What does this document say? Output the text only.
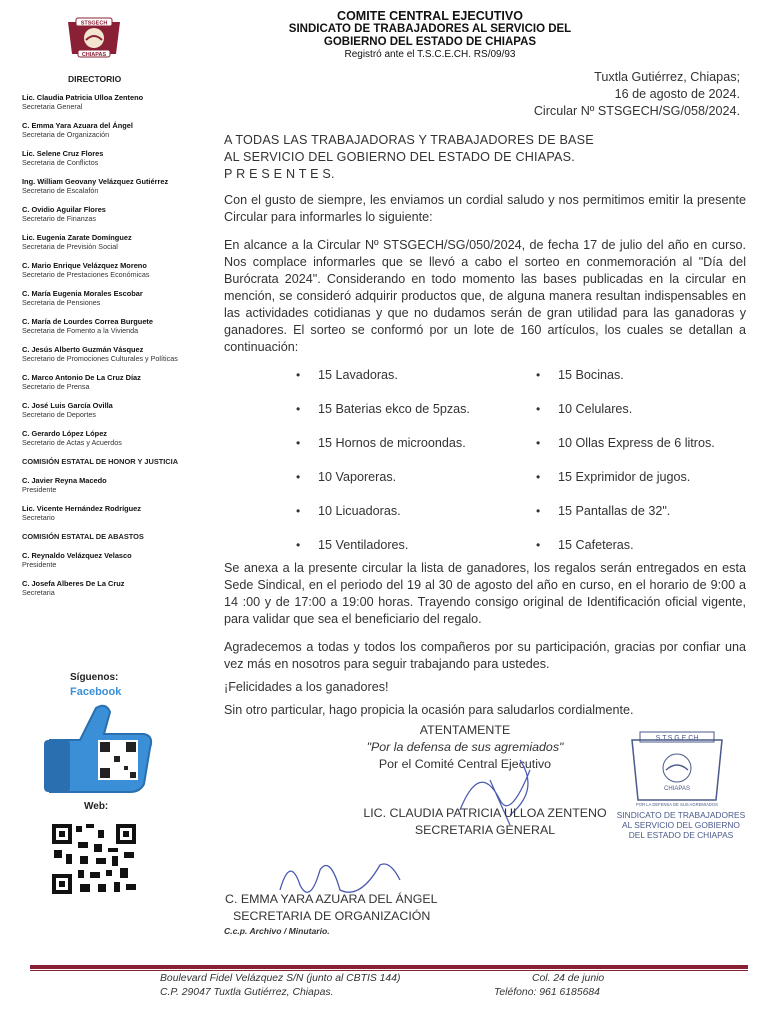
STSGECH
CHIAPAS
COMITE CENTRAL EJECUTIVO
SINDICATO DE TRABAJADORES AL SERVICIO DEL
GOBIERNO DEL ESTADO DE CHIAPAS
Registró ante el T.S.C.E.CH. RS/09/93
DIRECTORIO
Lic. Claudia Patricia Ulloa Zenteno
Secretaria General
C. Emma Yara Azuara del Ángel
Secretaria de Organización
Lic. Selene Cruz Flores
Secretaria de Conflictos
Ing. William Geovany Velázquez Gutiérrez
Secretario de Escalafón
C. Ovidio Aguilar Flores
Secretario de Finanzas
Lic. Eugenia Zarate Domínguez
Secretaria de Previsión Social
C. Mario Enrique Velázquez Moreno
Secretario de Prestaciones Económicas
C. María Eugenia Morales Escobar
Secretaria de Pensiones
C. María de Lourdes Correa Burguete
Secretaria de Fomento a la Vivienda
C. Jesús Alberto Guzmán Vásquez
Secretario de Promociones Culturales y Políticas
C. Marco Antonio De La Cruz Díaz
Secretario de Prensa
C. José Luis García Ovilla
Secretario de Deportes
C. Gerardo López López
Secretario de Actas y Acuerdos
COMISIÓN ESTATAL DE HONOR Y JUSTICIA
C. Javier Reyna Macedo
Presidente
Lic. Vicente Hernández Rodríguez
Secretario
COMISIÓN ESTATAL DE ABASTOS
C. Reynaldo Velázquez Velasco
Presidente
C. Josefa Alberes De La Cruz
Secretaria
Síguenos:
Facebook
Web:
Tuxtla Gutiérrez, Chiapas;
16 de agosto de 2024.
Circular Nº STSGECH/SG/058/2024.

A TODAS LAS TRABAJADORAS Y TRABAJADORES DE BASE

AL SERVICIO DEL GOBIERNO DEL ESTADO DE CHIAPAS.

P R E S E N T E S.

Con el gusto de siempre, les enviamos un cordial saludo y nos permitimos emitir la presente Circular para informarles lo siguiente:

En alcance a la Circular Nº STSGECH/SG/050/2024, de fecha 17 de julio del año en curso. Nos complace informarles que se llevó a cabo el sorteo en conmemoración al "Día del Burócrata 2024". Considerando en todo momento las bases publicadas en la circular en mención, se consideró adquirir productos que, de alguna manera resultan indispensables en las actividades cotidianas y que no dudamos serán de gran utilidad para las ganadoras y ganadores. El sorteo se conformó por un lote de 160 artículos, los cuales se detallan a continuación:

•	15 Lavadoras.	•	15 Bocinas.
•	15 Baterias ekco de 5pzas.	•	10 Celulares.
•	15 Hornos de microondas.	•	10 Ollas Express de 6 litros.
•	10 Vaporeras.	•	15 Exprimidor de jugos.
•	10 Licuadoras.	•	15 Pantallas de 32".
•	15 Ventiladores.	•	15 Cafeteras.

Se anexa a la presente circular la lista de ganadores, los regalos serán entregados en esta Sede Sindical, en el periodo del 19 al 30 de agosto del año en curso, en el horario de 9:00 a 14 :00 y de 17:00 a 19:00 horas. Trayendo consigo original de Identificación oficial vigente, para validar que sea el beneficiario del regalo.

Agradecemos a todas y todos los compañeros por su participación, gracias por confiar una vez más en nosotros para seguir trabajando para ustedes.

¡Felicidades a los ganadores!

Sin otro particular, hago propicia la ocasión para saludarlos cordialmente.

ATENTAMENTE
"Por la defensa de sus agremiados"
Por el Comité Central Ejecutivo
LIC. CLAUDIA PATRICIA ULLOA ZENTENO
SECRETARIA GENERAL
C. EMMA YARA AZUARA DEL ÁNGEL
SECRETARIA DE ORGANIZACIÓN
C.c.p. Archivo / Minutario.
S.T.S.G.E.CH
CHIAPAS
POR LA DEFENSA DE SUS AGREMIADOS
SINDICATO DE TRABAJADORES
AL SERVICIO DEL GOBIERNO
DEL ESTADO DE CHIAPAS
Boulevard Fidel Velázquez S/N (junto al CBTIS 144)
C.P. 29047 Tuxtla Gutiérrez, Chiapas.
Col. 24 de junio
Teléfono: 961 6185684
